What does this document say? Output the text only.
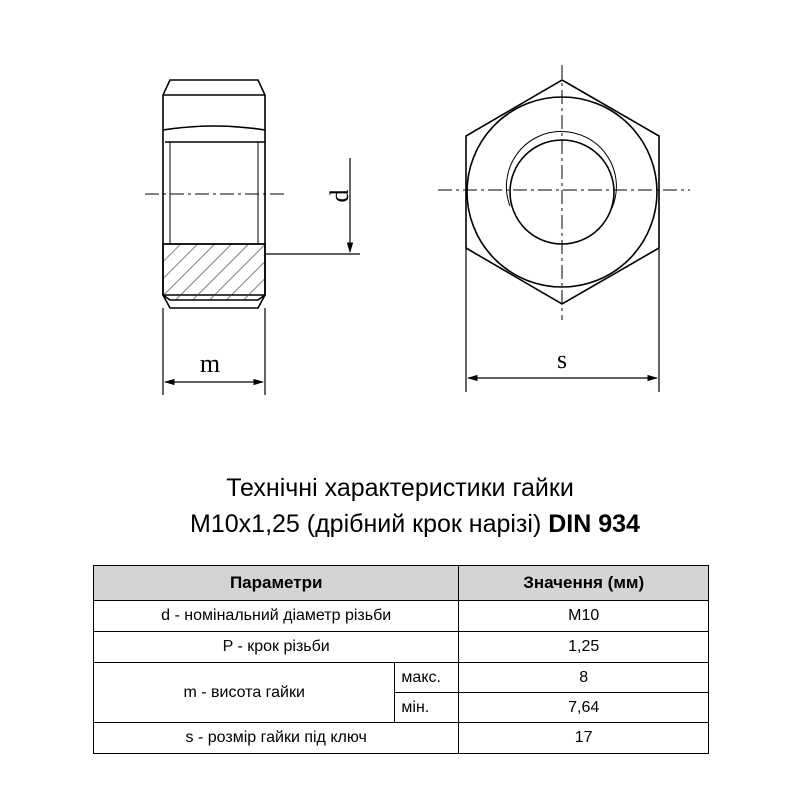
d
m	s
Технічні характеристики гайки
M10x1,25 (дрібний крок нарізі) DIN 934
Параметри		Значення (мм)
d - номінальний діаметр різьби		M10
P - крок різьби		1,25
m - висота гайки	макс.	8
	мін.	7,64
s - розмір гайки під ключ		17
